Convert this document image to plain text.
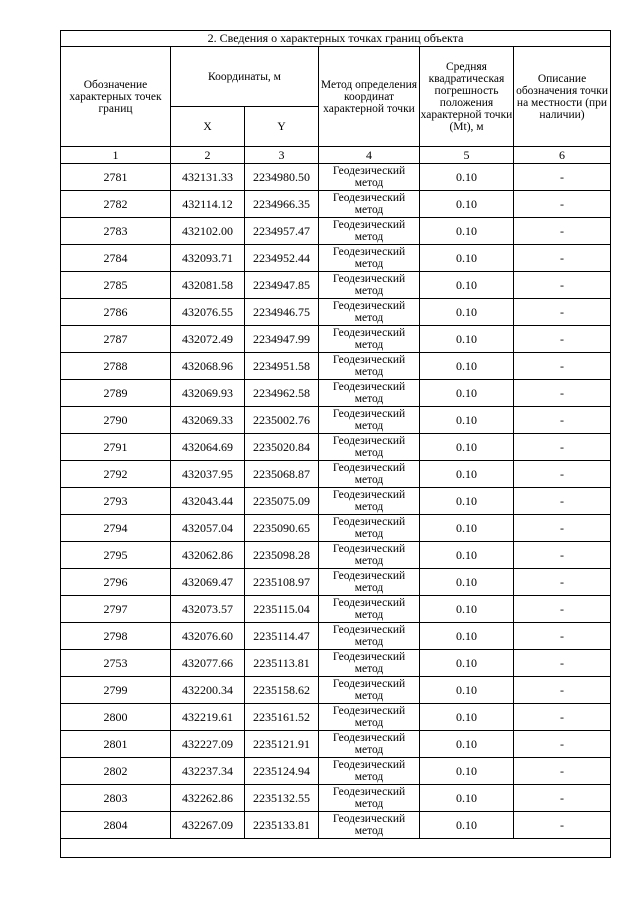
2. Сведения о характерных точках границ объекта					
Обозначение характерных точек границ	Координаты, м		Метод определения координат характерной точки	Средняя квадратическая погрешность положения характерной точки (Mt), м	Описание обозначения точки на местности (при наличии)
	X	Y			
1	2	3	4	5	6
2781	432131.33	2234980.50	Геодезический метод	0.10	-
2782	432114.12	2234966.35	Геодезический метод	0.10	-
2783	432102.00	2234957.47	Геодезический метод	0.10	-
2784	432093.71	2234952.44	Геодезический метод	0.10	-
2785	432081.58	2234947.85	Геодезический метод	0.10	-
2786	432076.55	2234946.75	Геодезический метод	0.10	-
2787	432072.49	2234947.99	Геодезический метод	0.10	-
2788	432068.96	2234951.58	Геодезический метод	0.10	-
2789	432069.93	2234962.58	Геодезический метод	0.10	-
2790	432069.33	2235002.76	Геодезический метод	0.10	-
2791	432064.69	2235020.84	Геодезический метод	0.10	-
2792	432037.95	2235068.87	Геодезический метод	0.10	-
2793	432043.44	2235075.09	Геодезический метод	0.10	-
2794	432057.04	2235090.65	Геодезический метод	0.10	-
2795	432062.86	2235098.28	Геодезический метод	0.10	-
2796	432069.47	2235108.97	Геодезический метод	0.10	-
2797	432073.57	2235115.04	Геодезический метод	0.10	-
2798	432076.60	2235114.47	Геодезический метод	0.10	-
2753	432077.66	2235113.81	Геодезический метод	0.10	-
2799	432200.34	2235158.62	Геодезический метод	0.10	-
2800	432219.61	2235161.52	Геодезический метод	0.10	-
2801	432227.09	2235121.91	Геодезический метод	0.10	-
2802	432237.34	2235124.94	Геодезический метод	0.10	-
2803	432262.86	2235132.55	Геодезический метод	0.10	-
2804	432267.09	2235133.81	Геодезический метод	0.10	-
